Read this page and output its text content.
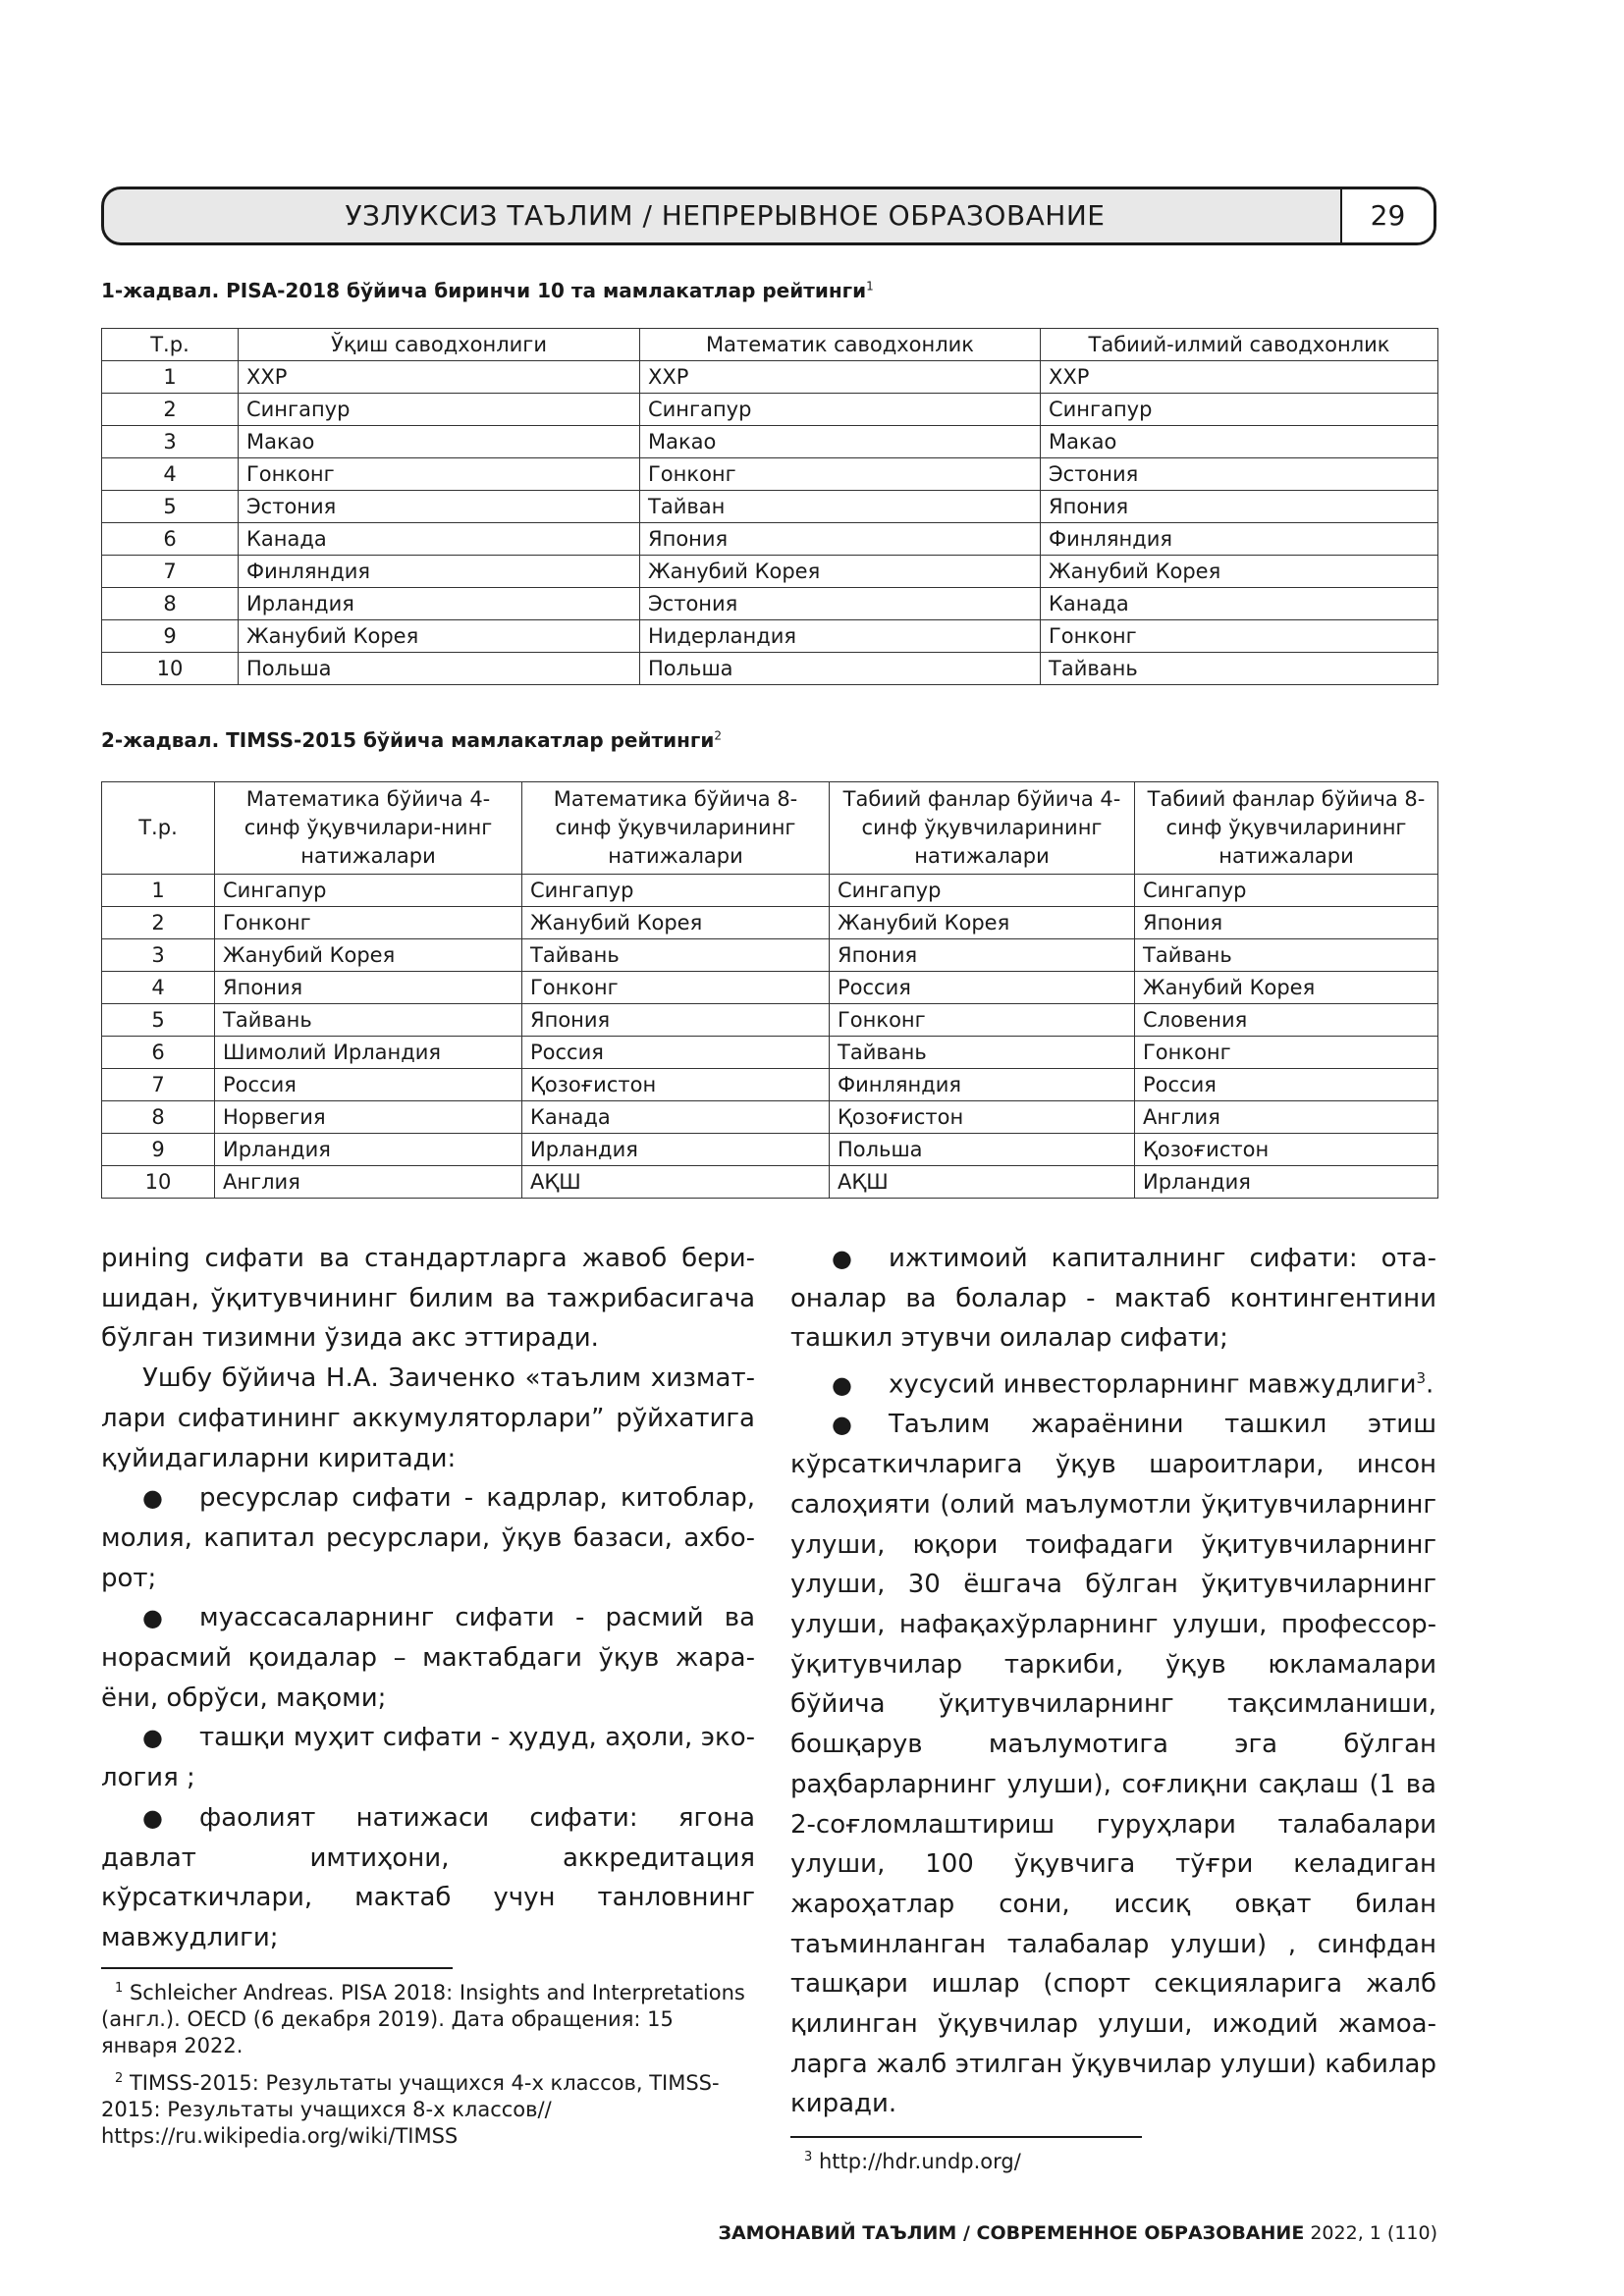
УЗЛУКСИЗ ТАЪЛИМ / НЕПРЕРЫВНОЕ ОБРАЗОВАНИЕ	29
1-жадвал. PISA-2018 бўйича биринчи 10 та мамлакатлар рейтинги$^1$
Т.р.	Ўқиш саводхонлиги	Математик саводхонлик	Табиий-илмий саводхонлик
1	ХХР	ХХР	ХХР
2	Сингапур	Сингапур	Сингапур
3	Макао	Макао	Макао
4	Гонконг	Гонконг	Эстония
5	Эстония	Тайван	Япония
6	Канада	Япония	Финляндия
7	Финляндия	Жанубий Корея	Жанубий Корея
8	Ирландия	Эстония	Канада
9	Жанубий Корея	Нидерландия	Гонконг
10	Польша	Польша	Тайвань
2-жадвал. TIMSS-2015 бўйича мамлакатлар рейтинги$^2$
Т.р.	Математика бўйича 4-синф ўқувчилари-нинг натижалари	Математика бўйича 8-синф ўқувчиларининг натижалари	Табиий фанлар бўйича 4-синф ўқувчиларининг натижалари	Табиий фанлар бўйича 8-синф ўқувчиларининг натижалари
1	Сингапур	Сингапур	Сингапур	Сингапур
2	Гонконг	Жанубий Корея	Жанубий Корея	Япония
3	Жанубий Корея	Тайвань	Япония	Тайвань
4	Япония	Гонконг	Россия	Жанубий Корея
5	Тайвань	Япония	Гонконг	Словения
6	Шимолий Ирландия	Россия	Тайвань	Гонконг
7	Россия	Қозоғистон	Финляндия	Россия
8	Норвегия	Канада	Қозоғистон	Англия
9	Ирландия	Ирландия	Польша	Қозоғистон
10	Англия	АҚШ	АҚШ	Ирландия

ринing сифати ва стандартларга жавоб беришидан, ўқитувчининг билим ва тажрибасигача бўлган тизимни ўзида акс эттиради.

Ушбу бўйича Н.А. Заиченко «таълим хизматлари сифатининг аккумуляторлари” рўйхатига қуйидагиларни киритади:

● ресурслар сифати - кадрлар, китоблар, молия, капитал ресурслари, ўқув базаси, ахборот;

● муассасаларнинг сифати - расмий ва норасмий қоидалар – мактабдаги ўқув жараёни, обрўси, мақоми;

● ташқи муҳит сифати - ҳудуд, аҳоли, экология ;

● фаолият натижаси сифати: ягона давлат имтиҳони, аккредитация кўрсаткичлари, мактаб учун танловнинг мавжудлиги;

● ижтимоий капиталнинг сифати: ота-оналар ва болалар - мактаб контингентини ташкил этувчи оилалар сифати;

● хусусий инвесторларнинг мавжудлиги$^3$.

● Таълим жараёнини ташкил этиш кўрсаткичларига ўқув шароитлари, инсон салоҳияти (олий маълумотли ўқитувчиларнинг улуши, юқори тоифадаги ўқитувчиларнинг улуши, 30 ёшгача бўлган ўқитувчиларнинг улуши, нафақахўрларнинг улуши, профессор-ўқитувчилар таркиби, ўқув юкламалари бўйича ўқитувчиларнинг тақсимланиши, бошқарув маълумотига эга бўлган раҳбарларнинг улуши), соғлиқни сақлаш (1 ва 2-соғломлаштириш гуруҳлари талабалари улуши, 100 ўқувчига тўғри келадиган жароҳатлар сони, иссиқ овқат билан таъминланган талабалар улуши) , синфдан ташқари ишлар (спорт секцияларига жалб қилинган ўқувчилар улуши, ижодий жамоаларга жалб этилган ўқувчилар улуши) кабилар киради.

$^1$ Schleicher Andreas. PISA 2018: Insights and Interpretations (англ.). OECD (6 декабря 2019). Дата обращения: 15 января 2022.

$^2$ TIMSS-2015: Результаты учащихся 4-х классов, TIMSS-2015: Результаты учащихся 8-х классов// https://ru.wikipedia.org/wiki/TIMSS

$^3$ http://hdr.undp.org/

ЗАМОНАВИЙ ТАЪЛИМ / СОВРЕМЕННОЕ ОБРАЗОВАНИЕ 2022, 1 (110)
